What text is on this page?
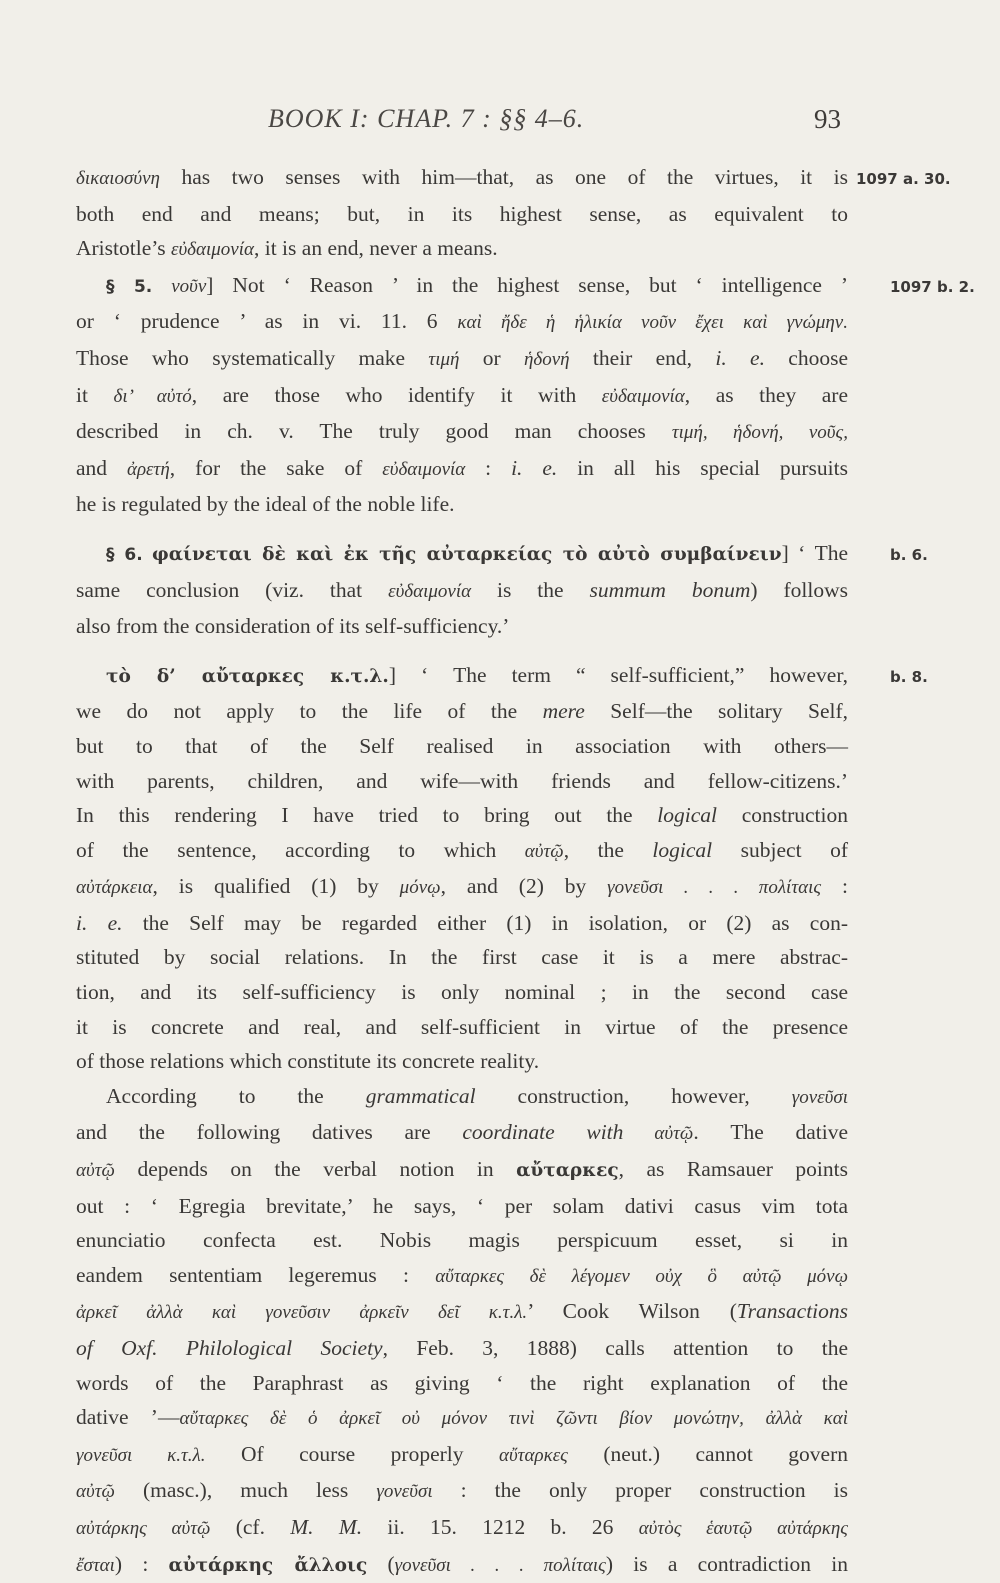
BOOK I: CHAP. 7 : §§ 4–6.	93

δικαιοσύνη has two senses with him—that, as one of the virtues, it is 1097 a. 30.
both end and means; but, in its highest sense, as equivalent to
Aristotle’s εὐδαιμονία, it is an end, never a means.

§ 5. νοῦν] Not ‘ Reason ’ in the highest sense, but ‘ intelligence ’	1097 b. 2.
or ‘ prudence ’ as in vi. 11. 6 καὶ ἤδε ἡ ἡλικία νοῦν ἔχει καὶ γνώμην.
Those who systematically make τιμή or ἡδονή their end, i. e. choose
it δι’ αὐτό, are those who identify it with εὐδαιμονία, as they are
described in ch. v. The truly good man chooses τιμή, ἡδονή, νοῦς,
and ἀρετή, for the sake of εὐδαιμονία : i. e. in all his special pursuits
he is regulated by the ideal of the noble life.

§ 6. φαίνεται δὲ καὶ ἐκ τῆς αὐταρκείας τὸ αὐτὸ συμβαίνειν] ‘ The	b. 6.
same conclusion (viz. that εὐδαιμονία is the summum bonum) follows
also from the consideration of its self-sufficiency.’

τὸ δ’ αὔταρκες κ.τ.λ.] ‘ The term “ self-sufficient,” however,	b. 8.
we do not apply to the life of the mere Self—the solitary Self,
but to that of the Self realised in association with others—
with parents, children, and wife—with friends and fellow-citizens.’
In this rendering I have tried to bring out the logical construction
of the sentence, according to which αὐτῷ, the logical subject of
αὐτάρκεια, is qualified (1) by μόνῳ, and (2) by γονεῦσι . . . πολίταις :
i. e. the Self may be regarded either (1) in isolation, or (2) as con-
stituted by social relations. In the first case it is a mere abstrac-
tion, and its self-sufficiency is only nominal ; in the second case
it is concrete and real, and self-sufficient in virtue of the presence
of those relations which constitute its concrete reality.

According to the grammatical construction, however, γονεῦσι
and the following datives are coordinate with αὐτῷ. The dative
αὐτῷ depends on the verbal notion in αὔταρκες, as Ramsauer points
out : ‘ Egregia brevitate,’ he says, ‘ per solam dativi casus vim tota
enunciatio confecta est. Nobis magis perspicuum esset, si in
eandem sententiam legeremus : αὔταρκες δὲ λέγομεν οὐχ ὃ αὐτῷ μόνῳ
ἀρκεῖ ἀλλὰ καὶ γονεῦσιν ἀρκεῖν δεῖ κ.τ.λ.’ Cook Wilson (Transactions
of Oxf. Philological Society, Feb. 3, 1888) calls attention to the
words of the Paraphrast as giving ‘ the right explanation of the
dative ’—αὔταρκες δὲ ὁ ἀρκεῖ οὐ μόνον τινὶ ζῶντι βίον μονώτην, ἀλλὰ καὶ
γονεῦσι κ.τ.λ. Of course properly αὔταρκες (neut.) cannot govern
αὐτῷ (masc.), much less γονεῦσι : the only proper construction is
αὐτάρκης αὐτῷ (cf. M. M. ii. 15. 1212 b. 26 αὐτὸς ἑαυτῷ αὐτάρκης
ἔσται) : αὐτάρκης ἄλλοις (γονεῦσι . . . πολίταις) is a contradiction in
